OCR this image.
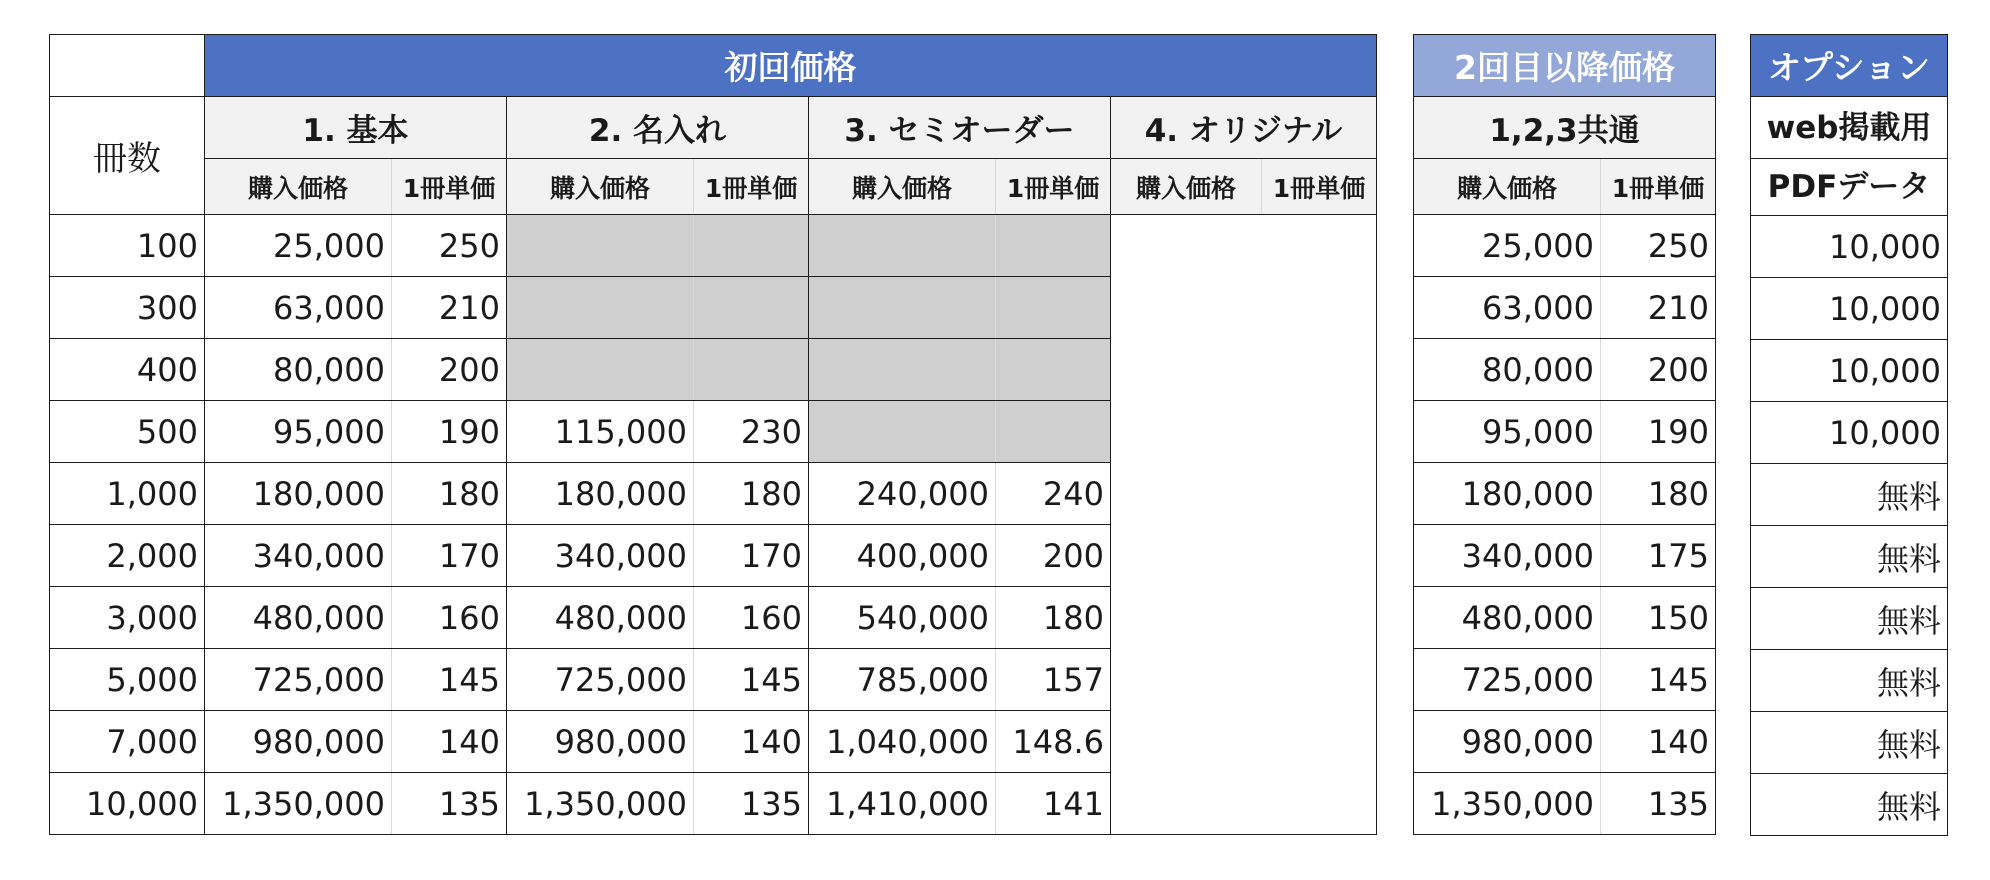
	初回価格							
冊数	1. 基本		2. 名入れ		3. セミオーダー		4. オリジナル	
	購入価格	1冊単価	購入価格	1冊単価	購入価格	1冊単価	購入価格	1冊単価
100	25,000	250						
300	63,000	210						
400	80,000	200						
500	95,000	190	115,000	230				
1,000	180,000	180	180,000	180	240,000	240		
2,000	340,000	170	340,000	170	400,000	200		
3,000	480,000	160	480,000	160	540,000	180		
5,000	725,000	145	725,000	145	785,000	157		
7,000	980,000	140	980,000	140	1,040,000	148.6		
10,000	1,350,000	135	1,350,000	135	1,410,000	141		
2回目以降価格	
1,2,3共通	
購入価格	1冊単価
25,000	250
63,000	210
80,000	200
95,000	190
180,000	180
340,000	175
480,000	150
725,000	145
980,000	140
1,350,000	135
オプション
web掲載用
PDFデータ
10,000
10,000
10,000
10,000
無料
無料
無料
無料
無料
無料
